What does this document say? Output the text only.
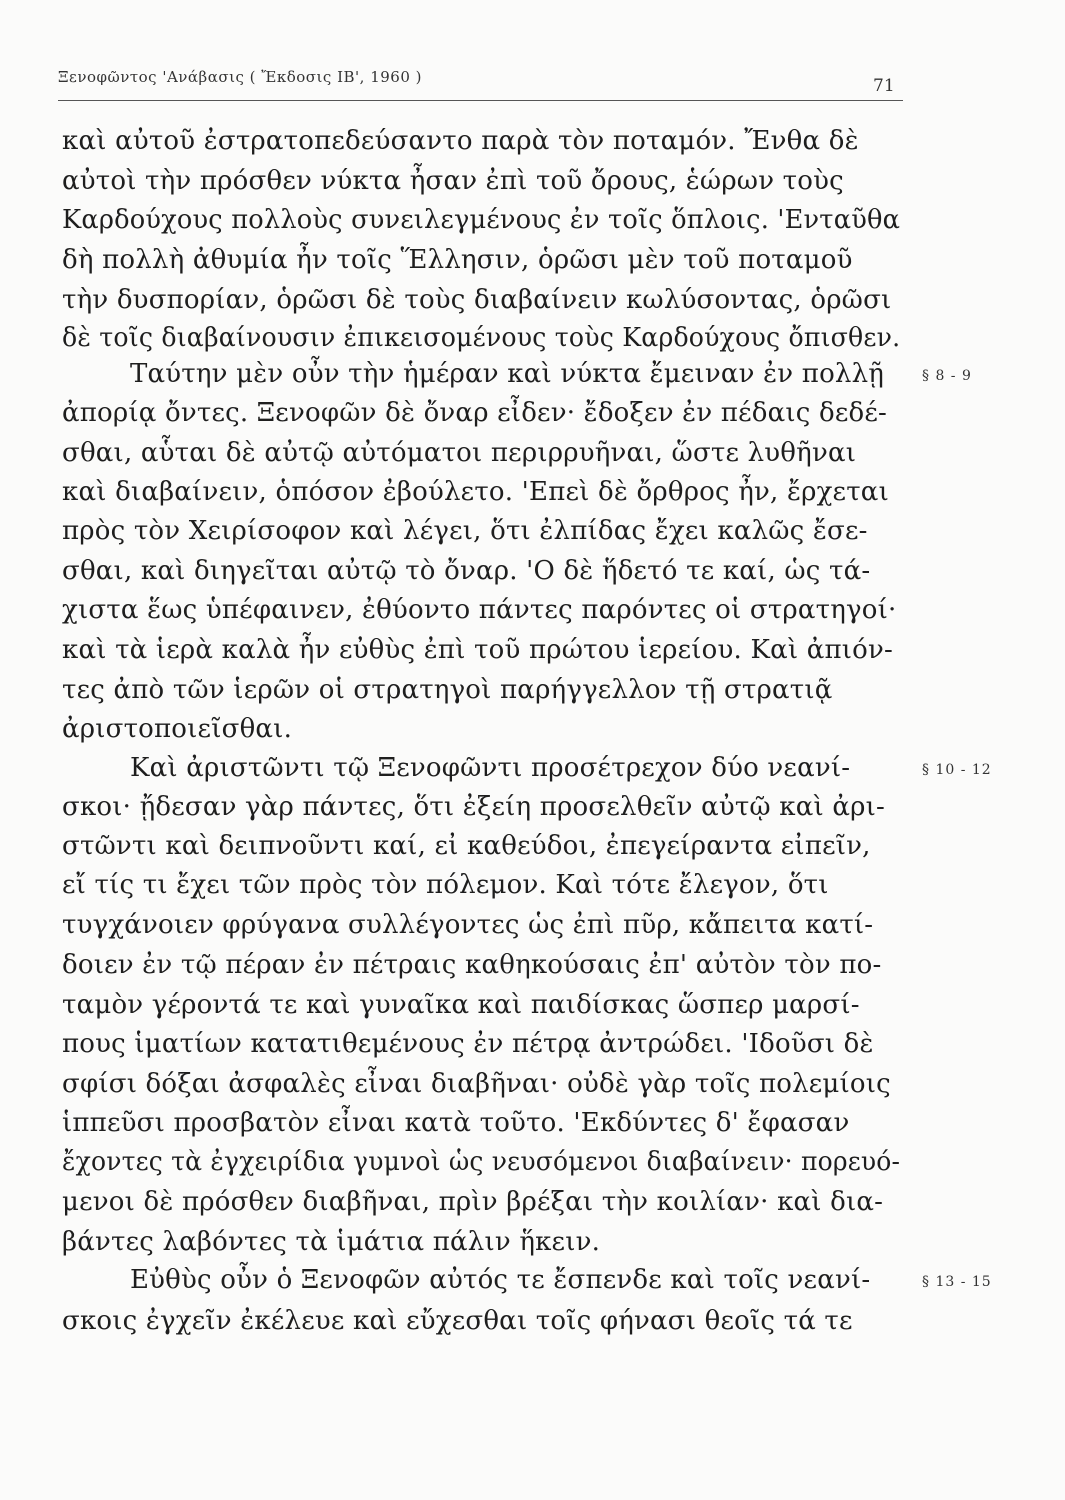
Ξενοφῶντος 'Ανάβασις ( Ἔκδοσις ΙΒ', 1960 )	71
καὶ αὐτοῦ ἐστρατοπεδεύσαντο παρὰ τὸν ποταμόν. Ἔνθα δὲ
αὐτοὶ τὴν πρόσθεν νύκτα ἦσαν ἐπὶ τοῦ ὄρους, ἑώρων τοὺς
Καρδούχους πολλοὺς συνειλεγμένους ἐν τοῖς ὅπλοις. 'Ενταῦθα
δὴ πολλὴ ἀθυμία ἦν τοῖς Ἕλλησιν, ὁρῶσι μὲν τοῦ ποταμοῦ
τὴν δυσπορίαν, ὁρῶσι δὲ τοὺς διαβαίνειν κωλύσοντας, ὁρῶσι
δὲ τοῖς διαβαίνουσιν ἐπικεισομένους τοὺς Καρδούχους ὄπισθεν.
Ταύτην μὲν οὖν τὴν ἡμέραν καὶ νύκτα ἔμειναν ἐν πολλῇ
ἀπορίᾳ ὄντες. Ξενοφῶν δὲ ὄναρ εἶδεν· ἔδοξεν ἐν πέδαις δεδέ-
σθαι, αὗται δὲ αὐτῷ αὐτόματοι περιρρυῆναι, ὥστε λυθῆναι
καὶ διαβαίνειν, ὁπόσον ἐβούλετο. 'Επεὶ δὲ ὄρθρος ἦν, ἔρχεται
πρὸς τὸν Χειρίσοφον καὶ λέγει, ὅτι ἐλπίδας ἔχει καλῶς ἔσε-
σθαι, καὶ διηγεῖται αὐτῷ τὸ ὄναρ. 'Ο δὲ ἥδετό τε καί, ὡς τά-
χιστα ἕως ὑπέφαινεν, ἐθύοντο πάντες παρόντες οἱ στρατηγοί·
καὶ τὰ ἱερὰ καλὰ ἦν εὐθὺς ἐπὶ τοῦ πρώτου ἱερείου. Καὶ ἀπιόν-
τες ἀπὸ τῶν ἱερῶν οἱ στρατηγοὶ παρήγγελλον τῇ στρατιᾷ
ἀριστοποιεῖσθαι.
Καὶ ἀριστῶντι τῷ Ξενοφῶντι προσέτρεχον δύο νεανί-
σκοι· ᾔδεσαν γὰρ πάντες, ὅτι ἐξείη προσελθεῖν αὐτῷ καὶ ἀρι-
στῶντι καὶ δειπνοῦντι καί, εἰ καθεύδοι, ἐπεγείραντα εἰπεῖν,
εἴ τίς τι ἔχει τῶν πρὸς τὸν πόλεμον. Καὶ τότε ἔλεγον, ὅτι
τυγχάνοιεν φρύγανα συλλέγοντες ὡς ἐπὶ πῦρ, κἄπειτα κατί-
δοιεν ἐν τῷ πέραν ἐν πέτραις καθηκούσαις ἐπ' αὐτὸν τὸν πο-
ταμὸν γέροντά τε καὶ γυναῖκα καὶ παιδίσκας ὥσπερ μαρσί-
πους ἱματίων κατατιθεμένους ἐν πέτρᾳ ἀντρώδει. 'Ιδοῦσι δὲ
σφίσι δόξαι ἀσφαλὲς εἶναι διαβῆναι· οὐδὲ γὰρ τοῖς πολεμίοις
ἱππεῦσι προσβατὸν εἶναι κατὰ τοῦτο. 'Εκδύντες δ' ἔφασαν
ἔχοντες τὰ ἐγχειρίδια γυμνοὶ ὡς νευσόμενοι διαβαίνειν· πορευό-
μενοι δὲ πρόσθεν διαβῆναι, πρὶν βρέξαι τὴν κοιλίαν· καὶ δια-
βάντες λαβόντες τὰ ἱμάτια πάλιν ἥκειν.
Εὐθὺς οὖν ὁ Ξενοφῶν αὐτός τε ἔσπενδε καὶ τοῖς νεανί-
σκοις ἐγχεῖν ἐκέλευε καὶ εὔχεσθαι τοῖς φήνασι θεοῖς τά τε
§ 8 - 9
§ 10 - 12
§ 13 - 15
